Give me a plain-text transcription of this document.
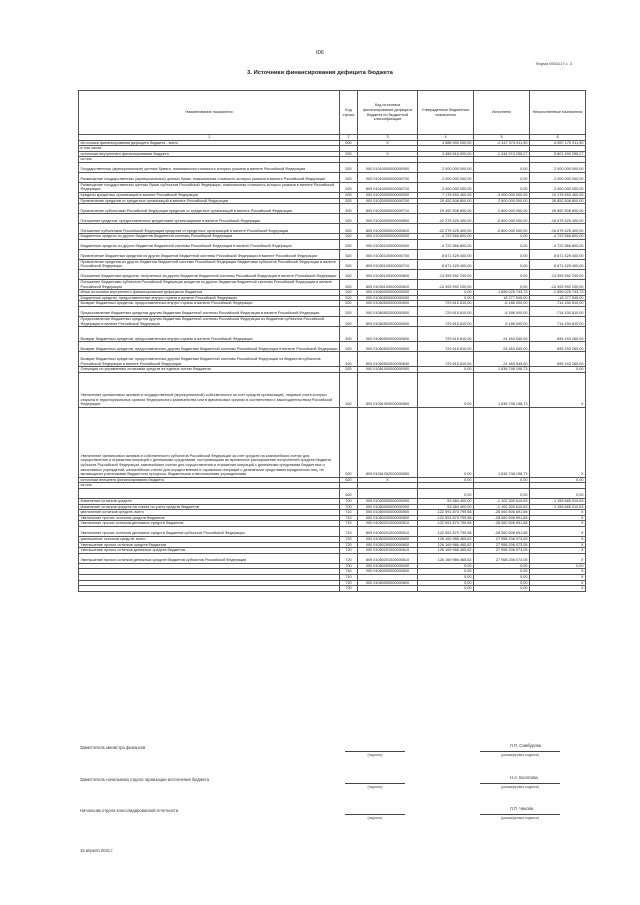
t06
Форма 0503117 с. 3
3. Источники финансирования дефицита бюджета
Наименование показателя	Код строки	Код источника финансирования дефицита бюджета по бюджетной классификации	Утвержденные бюджетные назначения	Исполнено	Неисполненные назначения
1	2	3	4	5	6
Источники финансирования дефицита бюджета - всего	500	Х	4 588 900 000,00	-2 447 074 911,90	6 857 175 911,90
в том числе:					
источники внутреннего финансирования бюджета	520	Х	4 456 516 000,00	-1 344 974 256,27	5 801 490 256,27
из них:					
Государственные (муниципальные) ценные бумаги, номинальная стоимость которых указана в валюте Российской Федерации	520	000 01010000000000000	2 000 000 000,00	0,00	2 000 000 000,00
Размещение государственных (муниципальных) ценных бумаг, номинальная стоимость которых указана в валюте Российской Федерации	520	000 01010000000000700	2 000 000 000,00	0,00	2 000 000 000,00
Размещение государственных ценных бумаг субъектов Российской Федерации, номинальная стоимость которых указана в валюте Российской Федерации	520	809 01010000020000710	2 000 000 000,00	0,00	2 000 000 000,00
Кредиты кредитных организаций в валюте Российской Федерации	520	000 01020000000000000	7 176 653 400,00	-3 000 000 000,00	10 176 653 400,00
Привлечение кредитов от кредитных организаций в валюте Российской Федерации	520	000 01020000000000700	29 452 508 800,00	2 600 000 000,00	26 852 508 800,00
Привлечение субъектами Российской Федерации кредитов от кредитных организаций в валюте Российской Федерации	520	809 01020000020000710	29 452 508 800,00	2 600 000 000,00	26 852 508 800,00
Погашение кредитов, предоставленных кредитными организациями в валюте Российской Федерации	520	000 01020000000000800	-22 275 425 400,00	-5 600 000 000,00	-16 675 425 400,00
Погашение субъектами Российской Федерации кредитов от кредитных организаций в валюте Российской Федерации	520	809 01020000020000810	-22 275 425 400,00	-5 600 000 000,00	-16 675 425 400,00
Бюджетные кредиты из других бюджетов бюджетной системы Российской Федерации	520	000 01030000000000000	-4 722 566 800,00	0,00	-4 722 566 800,00
Бюджетные кредиты из других бюджетов бюджетной системы Российской Федерации в валюте Российской Федерации	520	000 01030100000000000	-4 722 566 800,00	0,00	-4 722 566 800,00
Привлечение бюджетных кредитов из других бюджетов бюджетной системы Российской Федерации в валюте Российской Федерации	520	000 01030100000000700	8 671 425 400,00	0,00	8 671 425 400,00
Привлечение кредитов из других бюджетов бюджетной системы Российской Федерации бюджетами субъектов Российской Федерации в валюте Российской Федерации	520	809 01030100020000710	8 671 425 400,00	0,00	8 671 425 400,00
Погашение бюджетных кредитов, полученных из других бюджетов бюджетной системы Российской Федерации в валюте Российской Федерации	520	000 01030100000000800	-13 393 992 200,00	0,00	-13 393 992 200,00
Погашение бюджетами субъектов Российской Федерации кредитов из других бюджетов бюджетной системы Российской Федерации в валюте Российской Федерации	520	809 01030100020000810	-13 393 992 200,00	0,00	-13 393 992 200,00
Иные источники внутреннего финансирования дефицитов бюджетов	520	000 01060000000000000	0,00	1 655 025 743,73	-1 655 025 743,73
Бюджетные кредиты, предоставленные внутри страны в валюте Российской Федерации	520	000 01060500000000000	0,00	18 277 545,00	-18 277 545,00
Возврат бюджетных кредитов, предоставленных внутри страны в валюте Российской Федерации	520	000 01060500000000600	729 615 810,00	-6 186 000,00	-714 430 810,00
Предоставление бюджетных кредитов другим бюджетам бюджетной системы Российской Федерации в валюте Российской Федерации	520	000 01060502000000500	-729 615 810,00	-6 186 000,00	-714 430 810,00
Предоставление бюджетных кредитов другим бюджетам бюджетной системы Российской Федерации из бюджетов субъектов Российской Федерации в валюте Российской Федерации	520	809 01060502020000540	729 615 810,00	6 186 000,00	714 430 810,00
Возврат бюджетных кредитов, предоставленных внутри страны в валюте Российской Федерации	520	000 01060500000000600	729 615 810,00	24 463 545,00	695 153 265,00
Возврат бюджетных кредитов, предоставленных другим бюджетам бюджетной системы Российской Федерации в валюте Российской Федерации	520	000 01060502000000600	729 615 810,00	24 463 545,00	695 153 265,00
Возврат бюджетных кредитов, предоставленных другим бюджетам бюджетной системы Российской Федерации из бюджетов субъектов Российской Федерации в валюте Российской Федерации	520	809 01060502020000640	729 615 810,00	24 463 545,00	695 153 265,00
Операции по управлению остатками средств на единых счетах бюджетов	520	000 01061000000000000	0,00	1 636 748 198,73	0,00
Увеличение финансовых активов в государственной (муниципальной) собственности за счет средств организаций, лицевые счета которых открыты в территориальных органах Федерального казначейства или в финансовых органах в соответствии с законодательством Российской Федерации	520	809 01061003020000550	0,00	1 636 748 198,73	Х
Увеличение финансовых активов в собственности субъектов Российской Федерации за счет средств на казначейских счетах для осуществления и отражения операций с денежными средствами, поступающими во временное распоряжение получателей средств бюджета субъекта Российской Федерации, казначейских счетах для осуществления и отражения операций с денежными средствами бюджетных и автономных учреждений, казначейских счетах для осуществления и отражения операций с денежными средствами юридических лиц, не являющихся участниками бюджетного процесса, бюджетными и автономными учреждениями	520	809 01061002020000550	0,00	1 636 748 198,73	Х
источники внешнего финансирования бюджета	620	Х	0,00	0,00	0,00
из них:					
	620		0,00	0,00	0,00
Изменение остатков средств	700	000 01000000000000000	53 384 400,00	-1 102 300 610,63	1 155 685 010,63
Изменение остатков средств на счетах по учету средств бюджетов	700	000 01050000000000000	53 384 400,00	-1 102 300 610,63	1 155 685 010,63
увеличение остатков средств, всего	710	000 01050000000000500	-122 591 870 799,58	-28 060 506 691,68	Х
Увеличение прочих остатков средств бюджетов	710	000 01050200000000500	-122 591 870 799,58	-28 060 506 691,68	Х
Увеличение прочих остатков денежных средств бюджетов	710	000 01050201000000510	-122 591 870 799,58	-28 060 506 691,68	Х
Увеличение прочих остатков денежных средств бюджетов субъектов Российской Федерации	710	809 01050201020000510	-122 591 870 799,58	-28 060 506 691,68	Х
уменьшение остатков средств, всего	720	000 01050000000000600	126 169 986 465,62	27 958 206 073,05	Х
Уменьшение прочих остатков средств бюджетов	720	000 01050200000000600	126 169 986 465,62	27 958 206 073,05	Х
Уменьшение прочих остатков денежных средств бюджетов	720	000 01050201000000610	126 169 986 465,62	27 958 206 073,05	Х
Уменьшение прочих остатков денежных средств бюджетов субъектов Российской Федерации	720	809 01050201020000610	126 169 986 465,62	27 958 206 073,05	Х
	700	000 01060000000000000	0,00	0,00	0,00
	710	000 01060000000000500	0,00	0,00	Х
	710		0,00	0,00	Х
	720	000 01060000000000600	0,00	0,00	Х
	720		0,00	0,00	Х
Заместитель министра финансов
(подпись)
Л.П. Самбурова
(расшифровка подписи)
Заместитель начальника отдела гарнизации исполнения бюджета
(подпись)
Н.А. Болотова
(расшифровка подписи)
Начальник отдела консолидированной отчетности
(подпись)
Л.П. Чакова
(расшифровка подписи)
15 апреля 2021 г.
